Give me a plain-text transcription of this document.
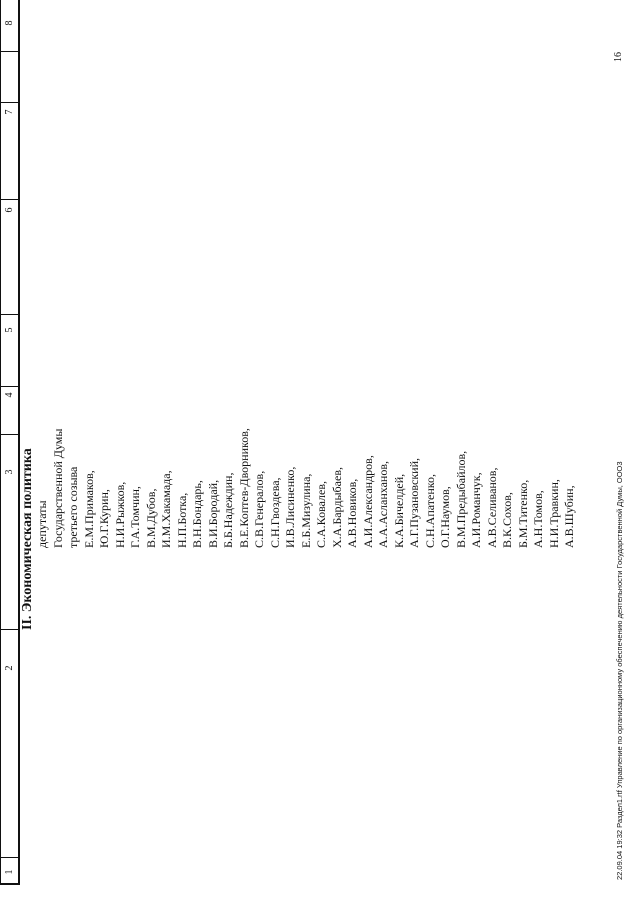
1
2
3
4
5
6
7
8
II. Экономическая политика депутаты Государственной Думы третьего созыва Е.М.Примаков, Ю.Г.Курин, Н.И.Рыжков, Г.А.Томчин, В.М.Дубов, И.М.Хакамада, Н.П.Ботка, В.Н.Бондарь, В.И.Бородай, Б.Б.Надеждин, В.Е.Коптев-Дворников, С.В.Генералов, С.Н.Гвоздева, И.В.Лисиненко, Е.Б.Мизулина, С.А.Ковалев, Х.А.Бардыбаев, А.В.Новиков, А.И.Александров, А.А.Асланханов, К.А.Бичелдей, А.Г.Пузановский, С.Н.Апатенко, О.Г.Наумов, В.М.Предыбайлов, А.И.Романчук, А.В.Селиванов, В.К.Сохов, Б.М.Титенко, А.Н.Томов, Н.И.Травкин, А.В.Шубин,	22.09.04 19:32 Раздел1.rtf Управление по организационному обеспечению деятельности Государственной Думы, ООО3
16
